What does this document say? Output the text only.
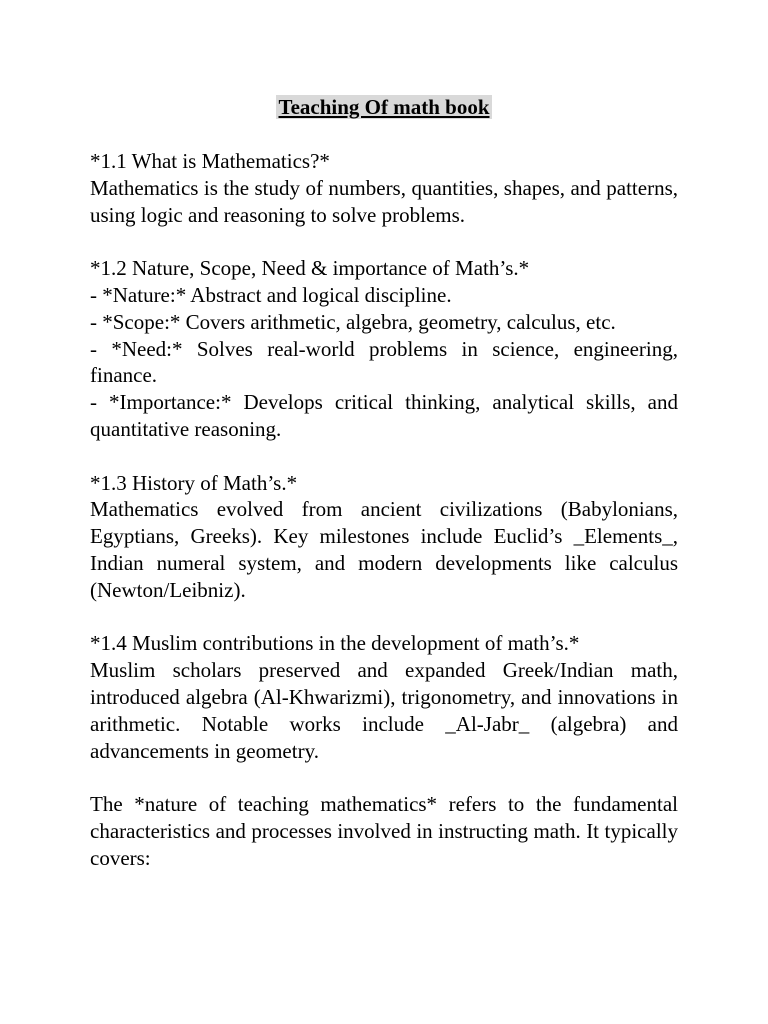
Teaching Of math book

*1.1 What is Mathematics?*

Mathematics is the study of numbers, quantities, shapes, and patterns, using logic and reasoning to solve problems.

*1.2 Nature, Scope, Need & importance of Math’s.*

- *Nature:* Abstract and logical discipline.

- *Scope:* Covers arithmetic, algebra, geometry, calculus, etc.

- *Need:* Solves real-world problems in science, engineering, finance.

- *Importance:* Develops critical thinking, analytical skills, and quantitative reasoning.

*1.3 History of Math’s.*

Mathematics evolved from ancient civilizations (Babylonians, Egyptians, Greeks). Key milestones include Euclid’s _Elements_, Indian numeral system, and modern developments like calculus (Newton/Leibniz).

*1.4 Muslim contributions in the development of math’s.*

Muslim scholars preserved and expanded Greek/Indian math, introduced algebra (Al-Khwarizmi), trigonometry, and innovations in arithmetic. Notable works include _Al-Jabr_ (algebra) and advancements in geometry.

The *nature of teaching mathematics* refers to the fundamental characteristics and processes involved in instructing math. It typically covers:
